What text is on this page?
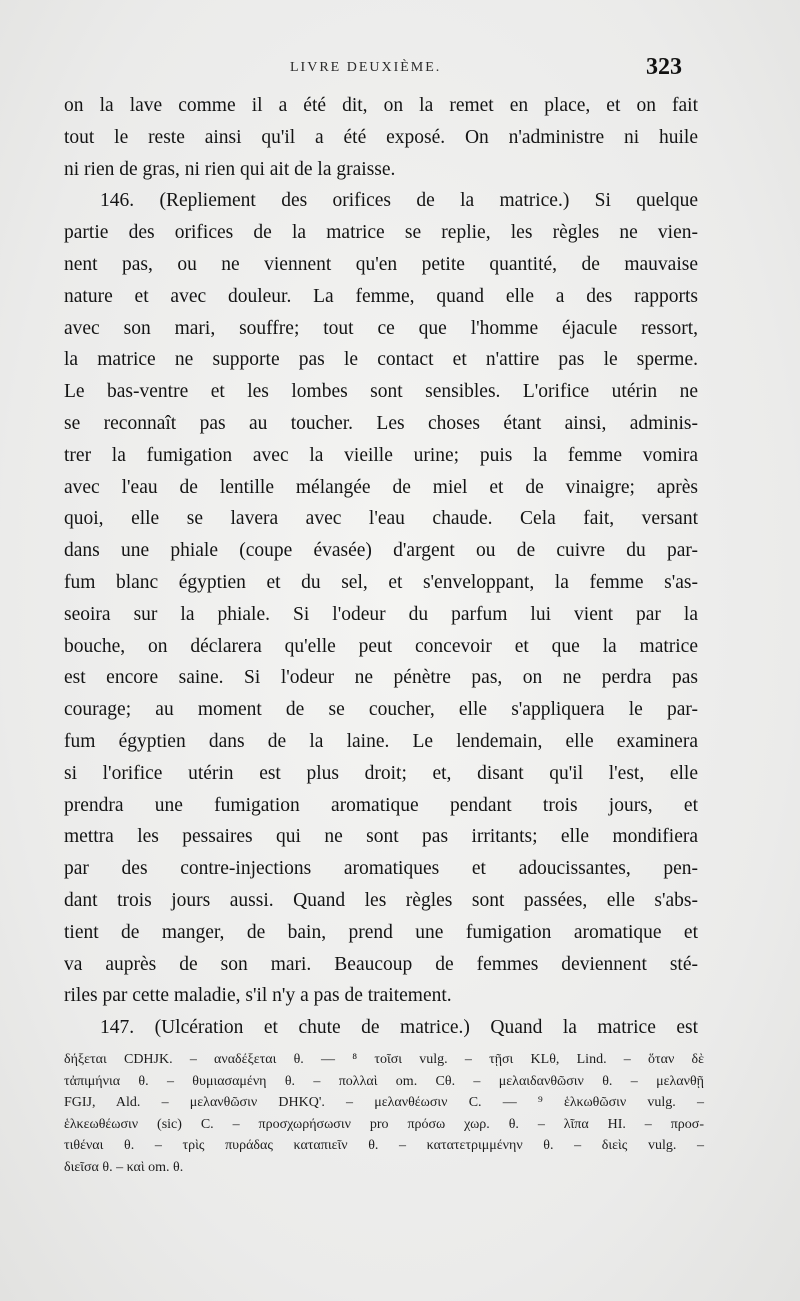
LIVRE DEUXIÈME.	323
on la lave comme il a été dit, on la remet en place, et on fait
tout le reste ainsi qu'il a été exposé. On n'administre ni huile
ni rien de gras, ni rien qui ait de la graisse.
146. (Repliement des orifices de la matrice.) Si quelque
partie des orifices de la matrice se replie, les règles ne vien-
nent pas, ou ne viennent qu'en petite quantité, de mauvaise
nature et avec douleur. La femme, quand elle a des rapports
avec son mari, souffre; tout ce que l'homme éjacule ressort,
la matrice ne supporte pas le contact et n'attire pas le sperme.
Le bas-ventre et les lombes sont sensibles. L'orifice utérin ne
se reconnaît pas au toucher. Les choses étant ainsi, adminis-
trer la fumigation avec la vieille urine; puis la femme vomira
avec l'eau de lentille mélangée de miel et de vinaigre; après
quoi, elle se lavera avec l'eau chaude. Cela fait, versant
dans une phiale (coupe évasée) d'argent ou de cuivre du par-
fum blanc égyptien et du sel, et s'enveloppant, la femme s'as-
seoira sur la phiale. Si l'odeur du parfum lui vient par la
bouche, on déclarera qu'elle peut concevoir et que la matrice
est encore saine. Si l'odeur ne pénètre pas, on ne perdra pas
courage; au moment de se coucher, elle s'appliquera le par-
fum égyptien dans de la laine. Le lendemain, elle examinera
si l'orifice utérin est plus droit; et, disant qu'il l'est, elle
prendra une fumigation aromatique pendant trois jours, et
mettra les pessaires qui ne sont pas irritants; elle mondifiera
par des contre-injections aromatiques et adoucissantes, pen-
dant trois jours aussi. Quand les règles sont passées, elle s'abs-
tient de manger, de bain, prend une fumigation aromatique et
va auprès de son mari. Beaucoup de femmes deviennent sté-
riles par cette maladie, s'il n'y a pas de traitement.
147. (Ulcération et chute de matrice.) Quand la matrice est
δήξεται CDHJK. – αναδέξεται θ. — ⁸ τοῖσι vulg. – τῇσι KLθ, Lind. – ὅταν δὲ
τἀπιμήνια θ. – θυμιασαμένη θ. – πολλαὶ om. Cθ. – μελαιδανθῶσιν θ. – μελανθῇ
FGIJ, Ald. – μελανθῶσιν DHKQ'. – μελανθέωσιν C. — ⁹ ἑλκωθῶσιν vulg. –
ἑλκεωθέωσιν (sic) C. – προσχωρήσωσιν pro πρόσω χωρ. θ. – λῖπα HI. – προσ-
τιθέναι θ. – τρὶς πυράδας καταπιεῖν θ. – κατατετριμμένην θ. – διεὶς vulg. –
διεῖσα θ. – καὶ om. θ.
